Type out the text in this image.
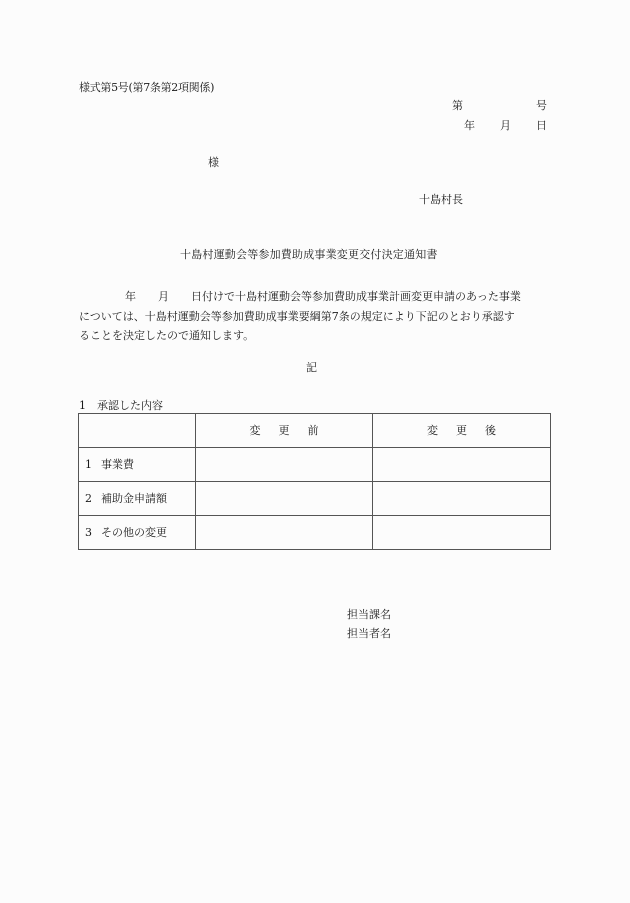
様式第5号(第7条第2項関係)
第	号
年 月 日
様
十島村長
十島村運動会等参加費助成事業変更交付決定通知書
年 月 日付けで十島村運動会等参加費助成事業計画変更申請のあった事業
については、十島村運動会等参加費助成事業要綱第7条の規定により下記のとおり承認す
ることを決定したので通知します。
記
1 承認した内容
	変更前	変更後
1 事業費		
2 補助金申請額		
3 その他の変更		
担当課名
担当者名
